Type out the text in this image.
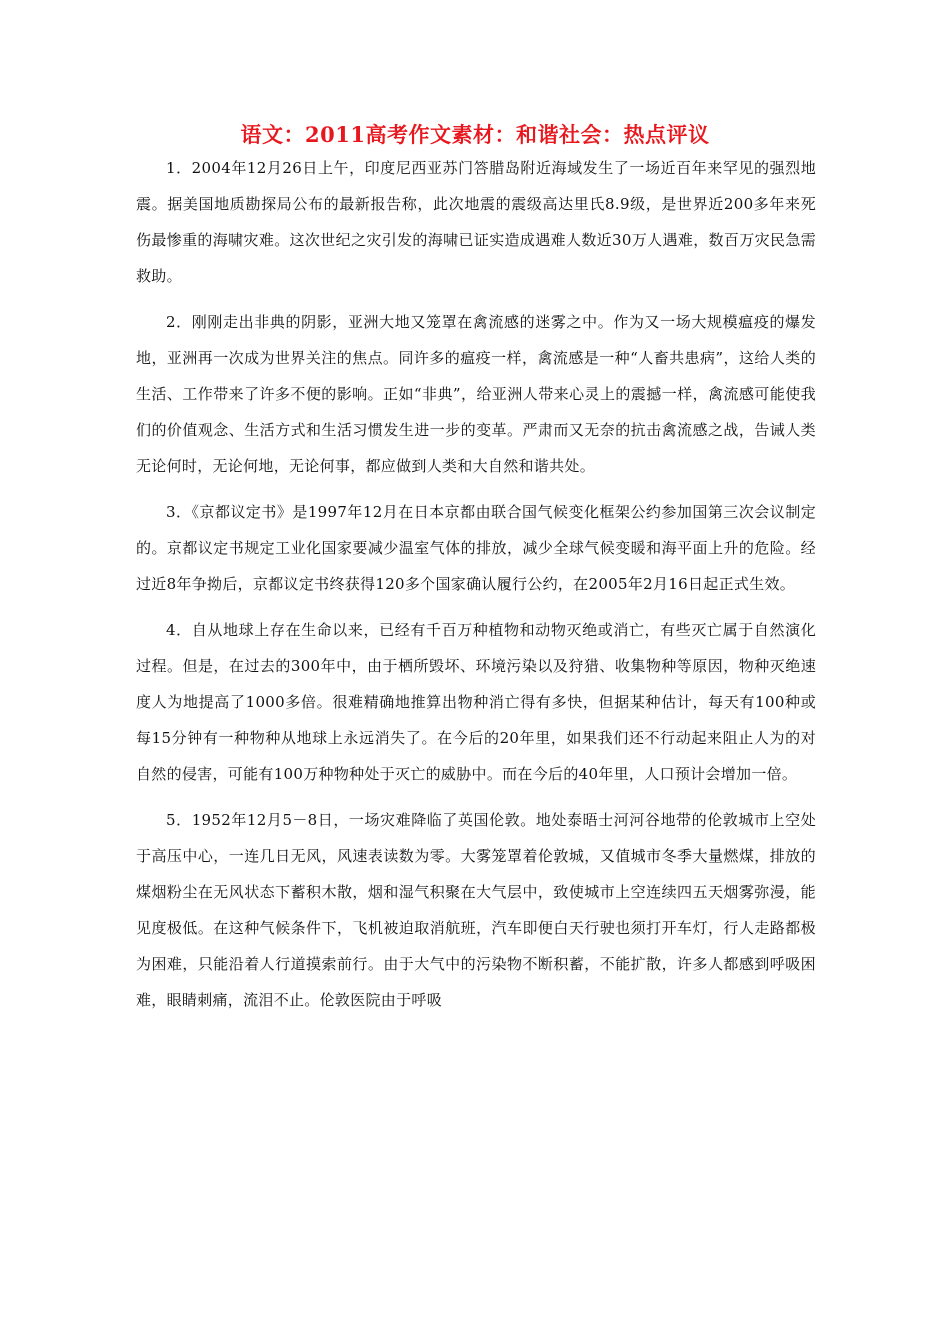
语文：2011高考作文素材：和谐社会：热点评议

1．2004年12月26日上午，印度尼西亚苏门答腊岛附近海域发生了一场近百年来罕见的强烈地震。据美国地质勘探局公布的最新报告称，此次地震的震级高达里氏8.9级，是世界近200多年来死伤最惨重的海啸灾难。这次世纪之灾引发的海啸已证实造成遇难人数近30万人遇难，数百万灾民急需救助。

2．刚刚走出非典的阴影，亚洲大地又笼罩在禽流感的迷雾之中。作为又一场大规模瘟疫的爆发地，亚洲再一次成为世界关注的焦点。同许多的瘟疫一样，禽流感是一种“人畜共患病”，这给人类的生活、工作带来了许多不便的影响。正如“非典”，给亚洲人带来心灵上的震撼一样，禽流感可能使我们的价值观念、生活方式和生活习惯发生进一步的变革。严肃而又无奈的抗击禽流感之战，告诫人类无论何时，无论何地，无论何事，都应做到人类和大自然和谐共处。

3．《京都议定书》是1997年12月在日本京都由联合国气候变化框架公约参加国第三次会议制定的。京都议定书规定工业化国家要减少温室气体的排放，减少全球气候变暖和海平面上升的危险。经过近8年争拗后，京都议定书终获得120多个国家确认履行公约，在2005年2月16日起正式生效。

4．自从地球上存在生命以来，已经有千百万种植物和动物灭绝或消亡，有些灭亡属于自然演化过程。但是，在过去的300年中，由于栖所毁坏、环境污染以及狩猎、收集物种等原因，物种灭绝速度人为地提高了1000多倍。很难精确地推算出物种消亡得有多快，但据某种估计，每天有100种或每15分钟有一种物种从地球上永远消失了。在今后的20年里，如果我们还不行动起来阻止人为的对自然的侵害，可能有100万种物种处于灭亡的威胁中。而在今后的40年里，人口预计会增加一倍。

5．1952年12月5－8日，一场灾难降临了英国伦敦。地处泰晤士河河谷地带的伦敦城市上空处于高压中心，一连几日无风，风速表读数为零。大雾笼罩着伦敦城，又值城市冬季大量燃煤，排放的煤烟粉尘在无风状态下蓄积木散，烟和湿气积聚在大气层中，致使城市上空连续四五天烟雾弥漫，能见度极低。在这种气候条件下，飞机被迫取消航班，汽车即便白天行驶也须打开车灯，行人走路都极为困难，只能沿着人行道摸索前行。由于大气中的污染物不断积蓄，不能扩散，许多人都感到呼吸困难，眼睛刺痛，流泪不止。伦敦医院由于呼吸
